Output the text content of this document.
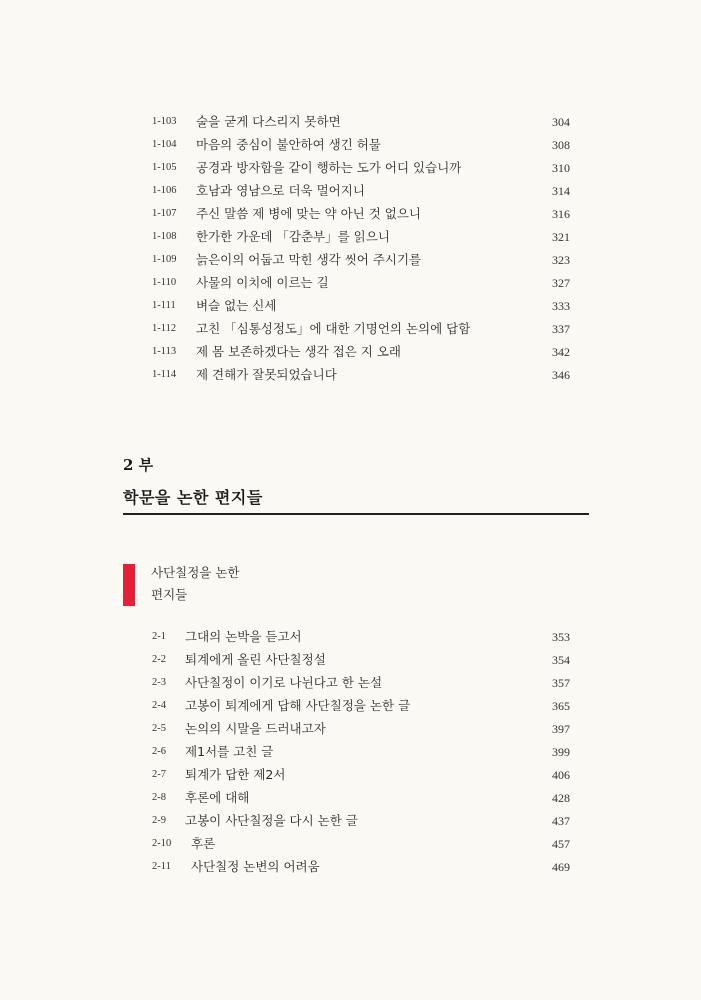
1-103 술을 굳게 다스리지 못하면	304
1-104 마음의 중심이 불안하여 생긴 허물	308
1-105 공경과 방자함을 같이 행하는 도가 어디 있습니까	310
1-106 호남과 영남으로 더욱 멀어지니	314
1-107 주신 말씀 제 병에 맞는 약 아닌 것 없으니	316
1-108 한가한 가운데 「감춘부」를 읽으니	321
1-109 늙은이의 어둡고 막힌 생각 씻어 주시기를	323
1-110 사물의 이치에 이르는 길	327
1-111 벼슬 없는 신세	333
1-112 고친 「심통성정도」에 대한 기명언의 논의에 답함	337
1-113 제 몸 보존하겠다는 생각 접은 지 오래	342
1-114 제 견해가 잘못되었습니다	346
2 부
학문을 논한 편지들
사단칠정을 논한
편지들
2-1 그대의 논박을 듣고서	353
2-2 퇴계에게 올린 사단칠정설	354
2-3 사단칠정이 이기로 나뉜다고 한 논설	357
2-4 고봉이 퇴계에게 답해 사단칠정을 논한 글	365
2-5 논의의 시말을 드러내고자	397
2-6 제1서를 고친 글	399
2-7 퇴계가 답한 제2서	406
2-8 후론에 대해	428
2-9 고봉이 사단칠정을 다시 논한 글	437
2-10 후론	457
2-11 사단칠정 논변의 어려움	469
